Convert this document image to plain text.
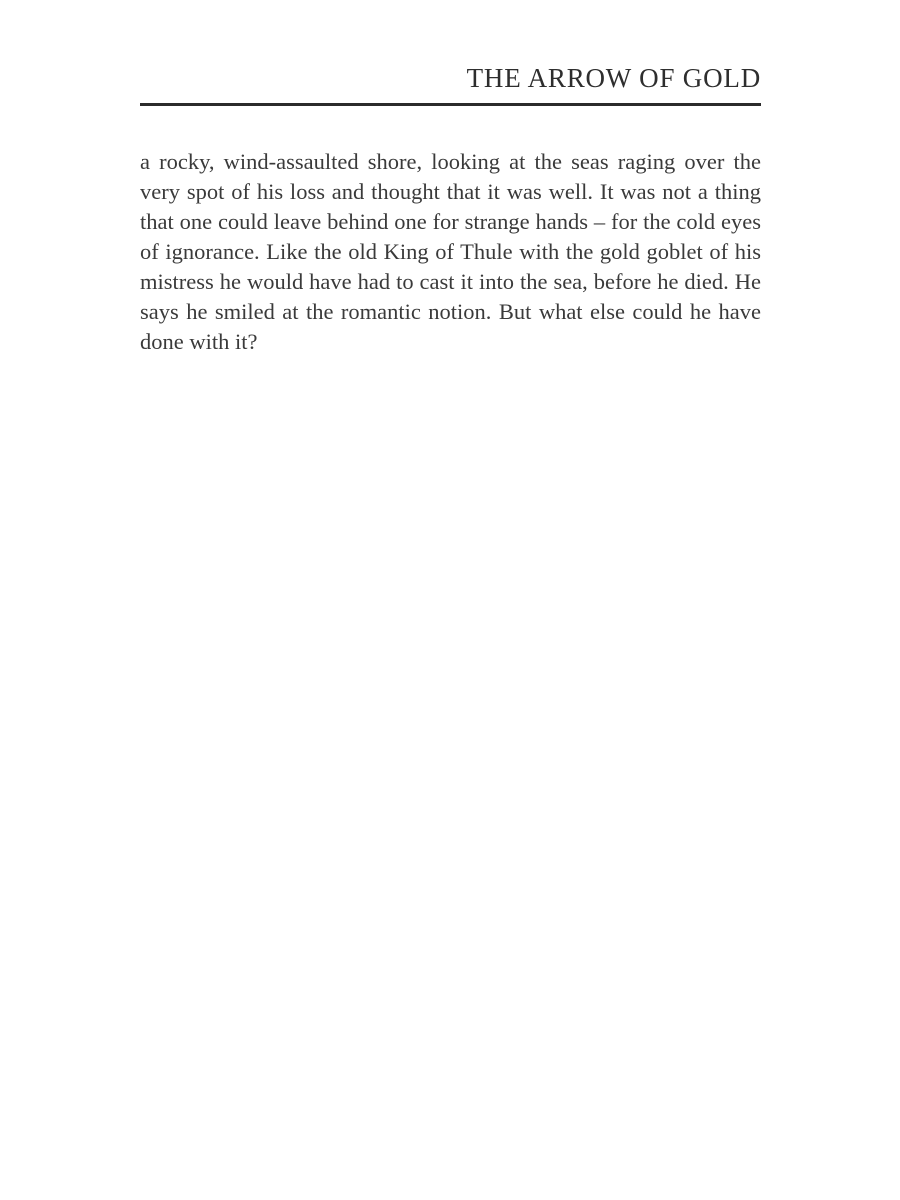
THE ARROW OF GOLD

a rocky, wind-assaulted shore, looking at the seas raging over the very spot of his loss and thought that it was well. It was not a thing that one could leave behind one for strange hands – for the cold eyes of ignorance. Like the old King of Thule with the gold goblet of his mistress he would have had to cast it into the sea, before he died. He says he smiled at the romantic notion. But what else could he have done with it?
